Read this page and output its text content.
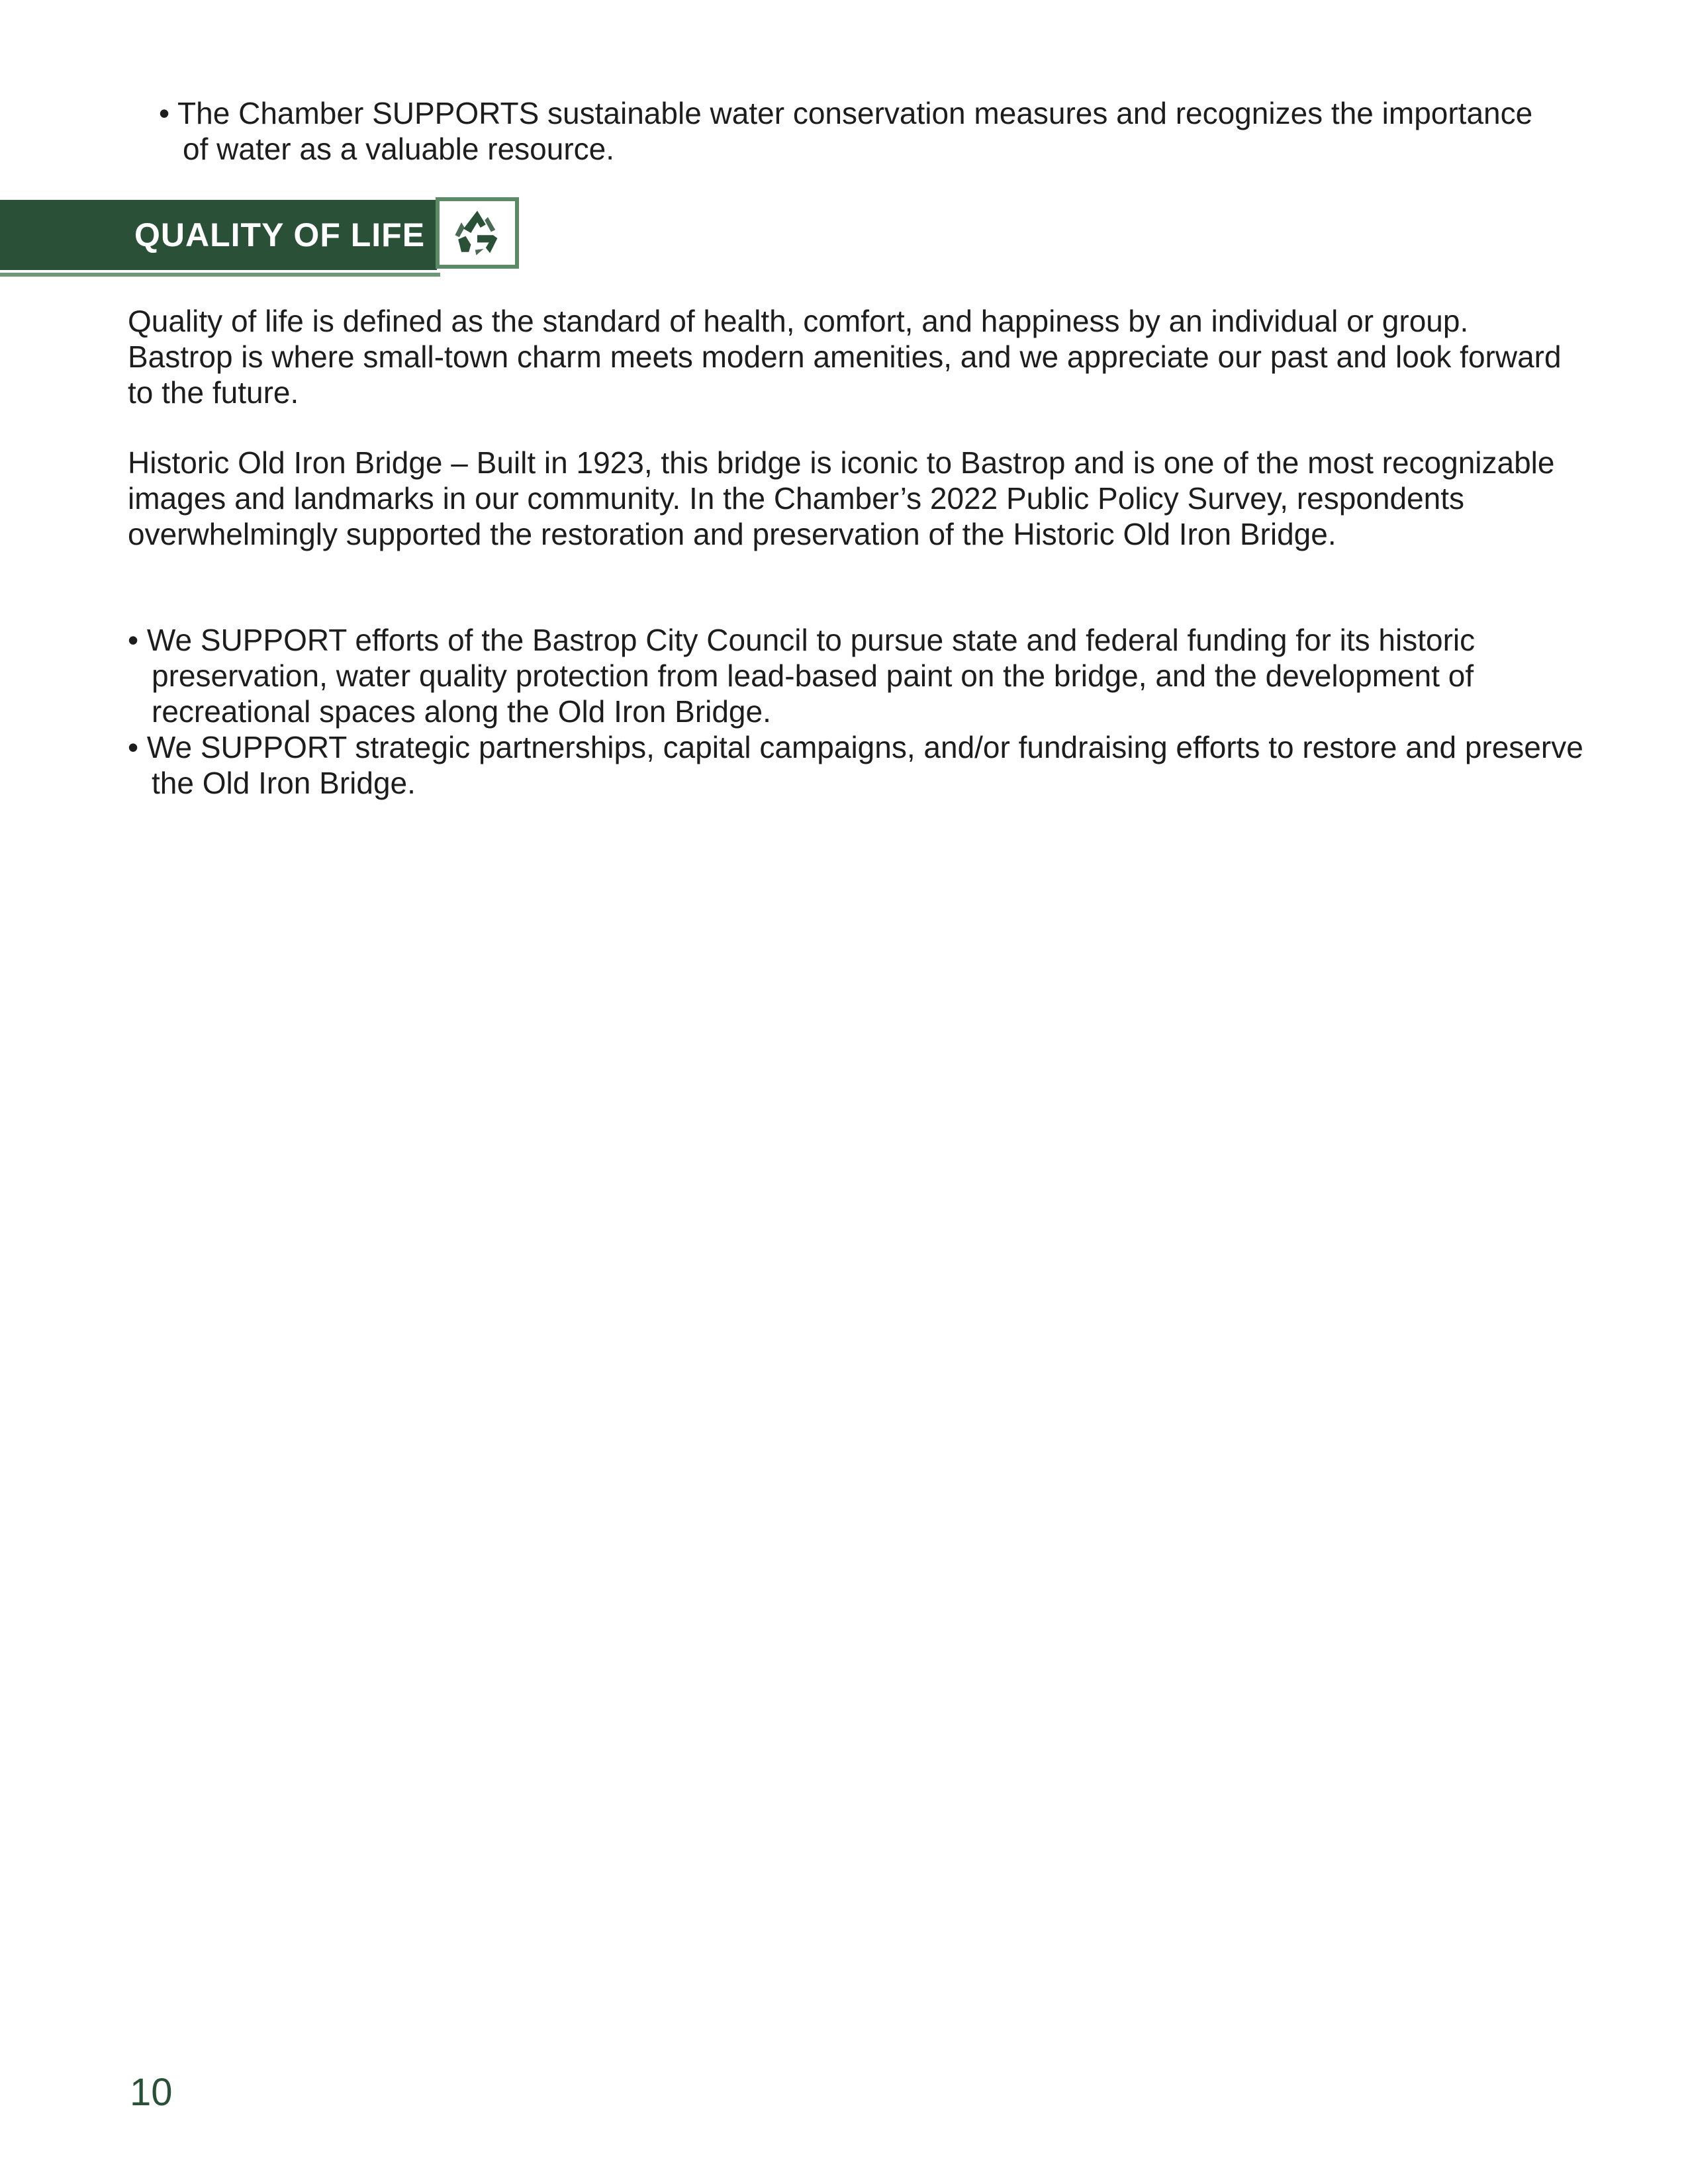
• The Chamber SUPPORTS sustainable water conservation measures and recognizes the importance of water as a valuable resource.

QUALITY OF LIFE

Quality of life is defined as the standard of health, comfort, and happiness by an individual or group. Bastrop is where small-town charm meets modern amenities, and we appreciate our past and look forward to the future.

Historic Old Iron Bridge – Built in 1923, this bridge is iconic to Bastrop and is one of the most recognizable images and landmarks in our community. In the Chamber’s 2022 Public Policy Survey, respondents overwhelmingly supported the restoration and preservation of the Historic Old Iron Bridge.

• We SUPPORT efforts of the Bastrop City Council to pursue state and federal funding for its historic preservation, water quality protection from lead-based paint on the bridge, and the development of recreational spaces along the Old Iron Bridge.
• We SUPPORT strategic partnerships, capital campaigns, and/or fundraising efforts to restore and preserve the Old Iron Bridge.
10
